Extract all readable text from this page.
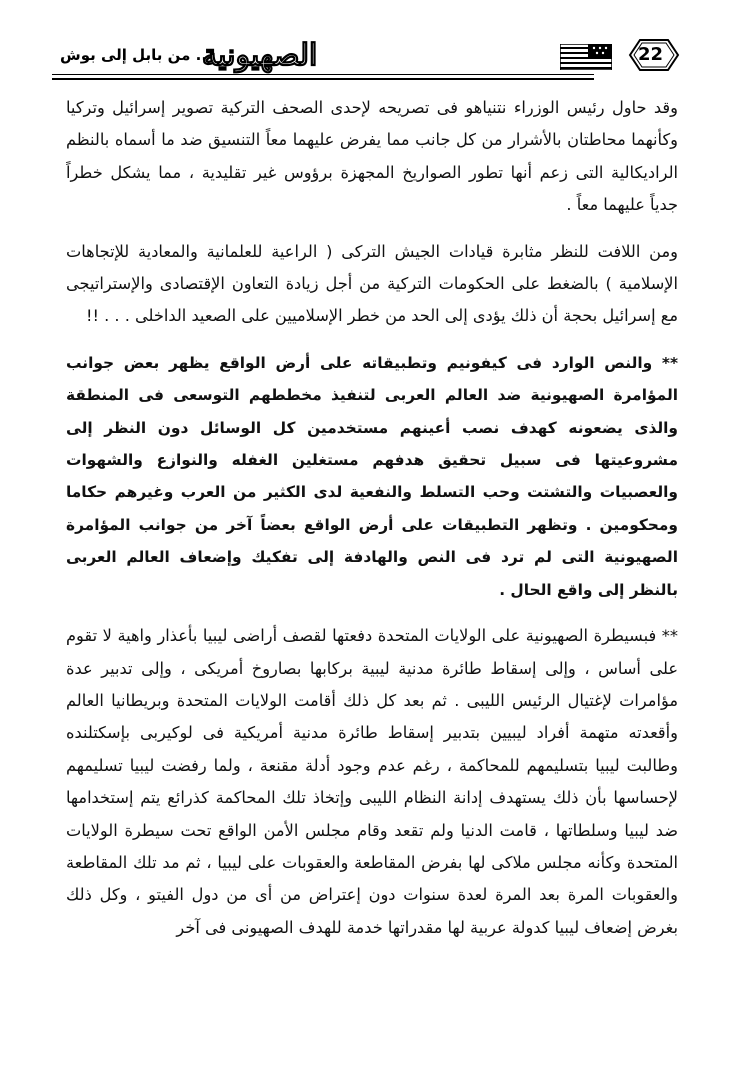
.. من بابل إلى بوش
الصهيونية	22

وقد حاول رئيس الوزراء نتنياهو فى تصريحه لإحدى الصحف التركية تصوير إسرائيل وتركيا وكأنهما محاطتان بالأشرار من كل جانب مما يفرض عليهما معاً التنسيق ضد ما أسماه بالنظم الراديكالية التى زعم أنها تطور الصواريخ المجهزة برؤوس غير تقليدية ، مما يشكل خطراً جدياً عليهما معاً .

ومن اللافت للنظر مثابرة قيادات الجيش التركى ( الراعية للعلمانية والمعادية للإتجاهات الإسلامية ) بالضغط على الحكومات التركية من أجل زيادة التعاون الإقتصادى والإستراتيجى مع إسرائيل بحجة أن ذلك يؤدى إلى الحد من خطر الإسلاميين على الصعيد الداخلى . . . !!

** والنص الوارد فى كيفونيم وتطبيقاته على أرض الواقع يظهر بعض جوانب المؤامرة الصهيونية ضد العالم العربى لتنفيذ مخططهم التوسعى فى المنطقة والذى يضعونه كهدف نصب أعينهم مستخدمين كل الوسائل دون النظر إلى مشروعيتها فى سبيل تحقيق هدفهم مستغلين الغفله والنوازع والشهوات والعصبيات والتشتت وحب التسلط والنفعية لدى الكثير من العرب وغيرهم حكاما ومحكومين . وتظهر التطبيقات على أرض الواقع بعضاً آخر من جوانب المؤامرة الصهيونية التى لم ترد فى النص والهادفة إلى تفكيك وإضعاف العالم العربى بالنظر إلى واقع الحال .

** فبسيطرة الصهيونية على الولايات المتحدة دفعتها لقصف أراضى ليبيا بأعذار واهية لا تقوم على أساس ، وإلى إسقاط طائرة مدنية ليبية بركابها بصاروخ أمريكى ، وإلى تدبير عدة مؤامرات لإغتيال الرئيس الليبى . ثم بعد كل ذلك أقامت الولايات المتحدة وبريطانيا العالم وأقعدته متهمة أفراد ليبيين بتدبير إسقاط طائرة مدنية أمريكية فى لوكيربى بإسكتلنده وطالبت ليبيا بتسليمهم للمحاكمة ، رغم عدم وجود أدلة مقنعة ، ولما رفضت ليبيا تسليمهم لإحساسها بأن ذلك يستهدف إدانة النظام الليبى وإتخاذ تلك المحاكمة كذرائع يتم إستخدامها ضد ليبيا وسلطاتها ، قامت الدنيا ولم تقعد وقام مجلس الأمن الواقع تحت سيطرة الولايات المتحدة وكأنه مجلس ملاكى لها بفرض المقاطعة والعقوبات على ليبيا ، ثم مد تلك المقاطعة والعقوبات المرة بعد المرة لعدة سنوات دون إعتراض من أى من دول الفيتو ، وكل ذلك بغرض إضعاف ليبيا كدولة عربية لها مقدراتها خدمة للهدف الصهيونى فى آخر
